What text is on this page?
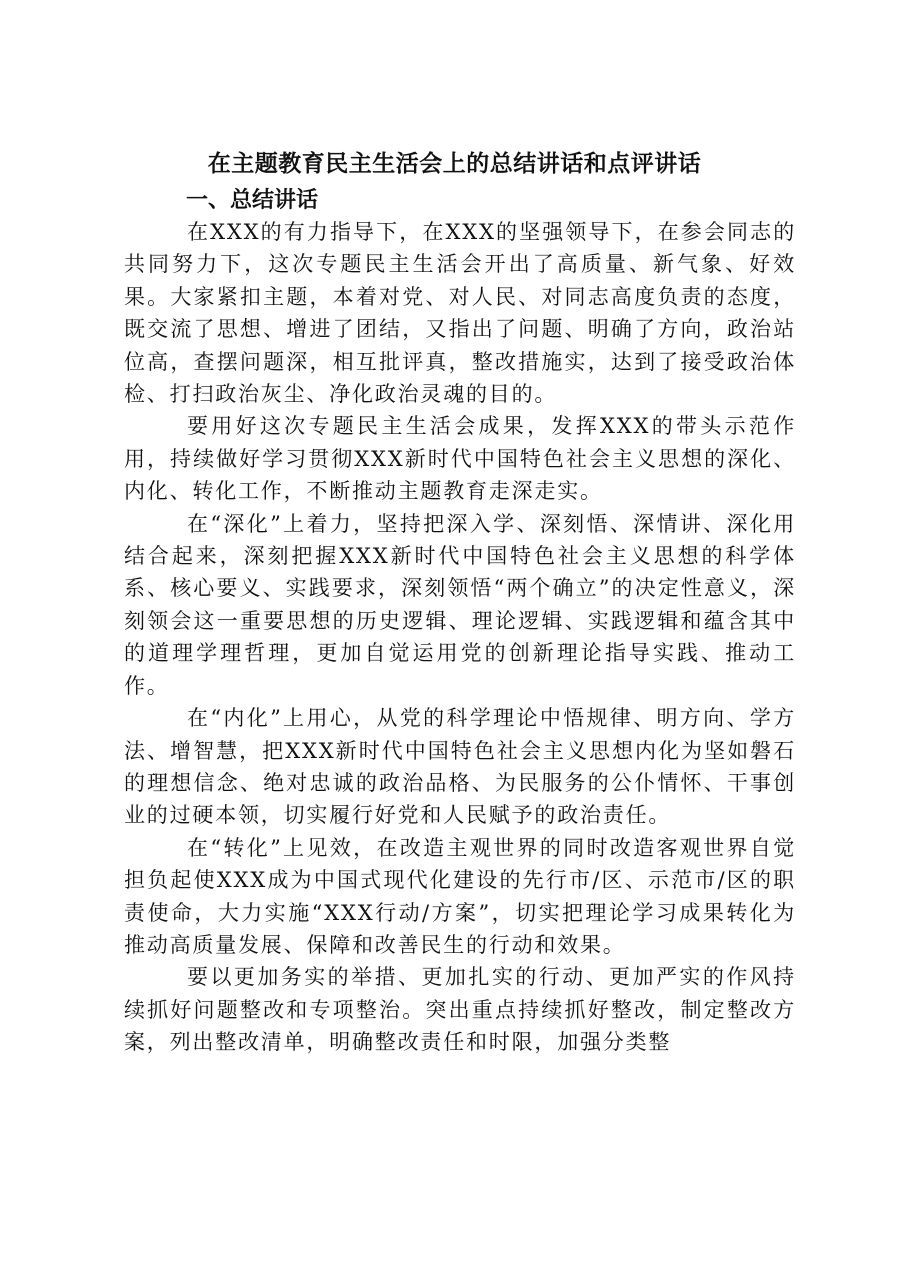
在主题教育民主生活会上的总结讲话和点评讲话
一、总结讲话

在XXX的有力指导下，在XXX的坚强领导下，在参会同志的共同努力下，这次专题民主生活会开出了高质量、新气象、好效果。大家紧扣主题，本着对党、对人民、对同志高度负责的态度，既交流了思想、增进了团结，又指出了问题、明确了方向，政治站位高，查摆问题深，相互批评真，整改措施实，达到了接受政治体检、打扫政治灰尘、净化政治灵魂的目的。

要用好这次专题民主生活会成果，发挥XXX的带头示范作用，持续做好学习贯彻XXX新时代中国特色社会主义思想的深化、内化、转化工作，不断推动主题教育走深走实。

在“深化”上着力，坚持把深入学、深刻悟、深情讲、深化用结合起来，深刻把握XXX新时代中国特色社会主义思想的科学体系、核心要义、实践要求，深刻领悟“两个确立”的决定性意义，深刻领会这一重要思想的历史逻辑、理论逻辑、实践逻辑和蕴含其中的道理学理哲理，更加自觉运用党的创新理论指导实践、推动工作。

在“内化”上用心，从党的科学理论中悟规律、明方向、学方法、增智慧，把XXX新时代中国特色社会主义思想内化为坚如磐石的理想信念、绝对忠诚的政治品格、为民服务的公仆情怀、干事创业的过硬本领，切实履行好党和人民赋予的政治责任。

在“转化”上见效，在改造主观世界的同时改造客观世界自觉担负起使XXX成为中国式现代化建设的先行市/区、示范市/区的职责使命，大力实施“XXX行动/方案”，切实把理论学习成果转化为推动高质量发展、保障和改善民生的行动和效果。

要以更加务实的举措、更加扎实的行动、更加严实的作风持续抓好问题整改和专项整治。突出重点持续抓好整改，制定整改方案，列出整改清单，明确整改责任和时限，加强分类整
